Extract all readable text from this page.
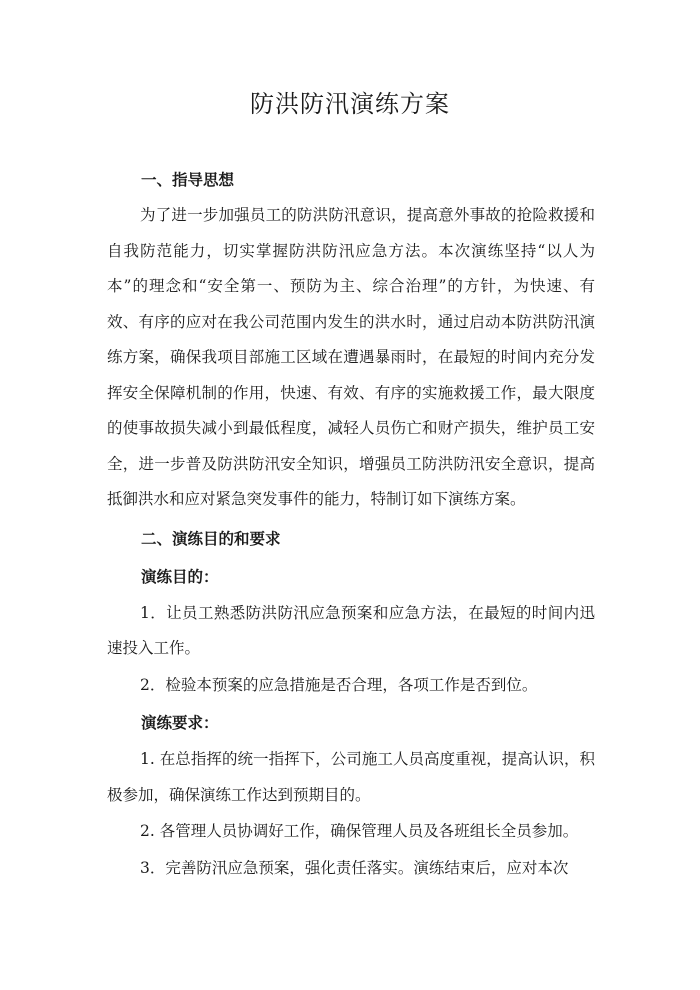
防洪防汛演练方案
一、指导思想

为了进一步加强员工的防洪防汛意识，提高意外事故的抢险救援和自我防范能力，切实掌握防洪防汛应急方法。本次演练坚持“以人为本”的理念和“安全第一、预防为主、综合治理”的方针，为快速、有效、有序的应对在我公司范围内发生的洪水时，通过启动本防洪防汛演练方案，确保我项目部施工区域在遭遇暴雨时，在最短的时间内充分发挥安全保障机制的作用，快速、有效、有序的实施救援工作，最大限度的使事故损失减小到最低程度，减轻人员伤亡和财产损失，维护员工安全，进一步普及防洪防汛安全知识，增强员工防洪防汛安全意识，提高抵御洪水和应对紧急突发事件的能力，特制订如下演练方案。

二、演练目的和要求
演练目的：

1．让员工熟悉防洪防汛应急预案和应急方法，在最短的时间内迅速投入工作。

2．检验本预案的应急措施是否合理，各项工作是否到位。

演练要求：

1. 在总指挥的统一指挥下，公司施工人员高度重视，提高认识，积极参加，确保演练工作达到预期目的。

2. 各管理人员协调好工作，确保管理人员及各班组长全员参加。

3．完善防汛应急预案，强化责任落实。演练结束后，应对本次
